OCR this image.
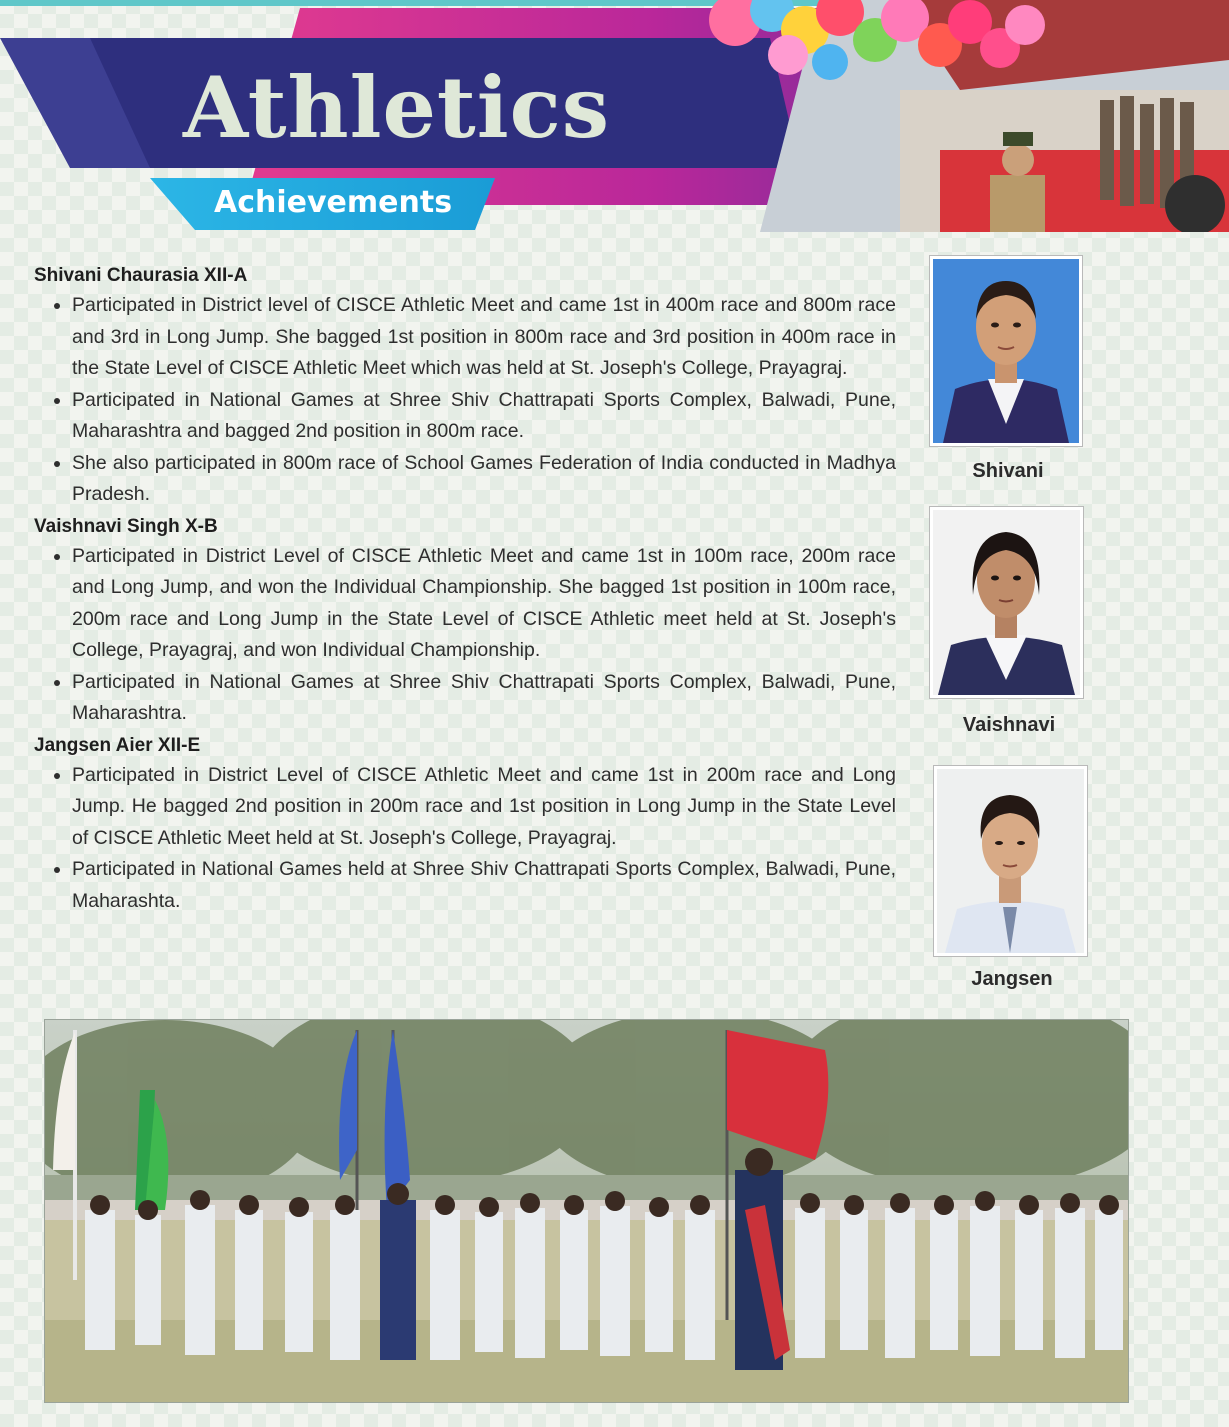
Athletics
Achievements
Shivani Chaurasia XII-A
• Participated in District level of CISCE Athletic Meet and came 1st in 400m race and 800m race and 3rd in Long Jump. She bagged 1st position in 800m race and 3rd position in 400m race in the State Level of CISCE Athletic Meet which was held at St. Joseph's College, Prayagraj.
• Participated in National Games at Shree Shiv Chattrapati Sports Complex, Balwadi, Pune, Maharashtra and bagged 2nd position in 800m race.
• She also participated in 800m race of School Games Federation of India conducted in Madhya Pradesh.
Vaishnavi Singh X-B
• Participated in District Level of CISCE Athletic Meet and came 1st in 100m race, 200m race and Long Jump, and won the Individual Championship. She bagged 1st position in 100m race, 200m race and Long Jump in the State Level of CISCE Athletic meet held at St. Joseph's College, Prayagraj, and won Individual Championship.
• Participated in National Games at Shree Shiv Chattrapati Sports Complex, Balwadi, Pune, Maharashtra.
Jangsen Aier XII-E
• Participated in District Level of CISCE Athletic Meet and came 1st in 200m race and Long Jump. He bagged 2nd position in 200m race and 1st position in Long Jump in the State Level of CISCE Athletic Meet held at St. Joseph's College, Prayagraj.
• Participated in National Games held at Shree Shiv Chattrapati Sports Complex, Balwadi, Pune, Maharashta.
Shivani
Vaishnavi
Jangsen
